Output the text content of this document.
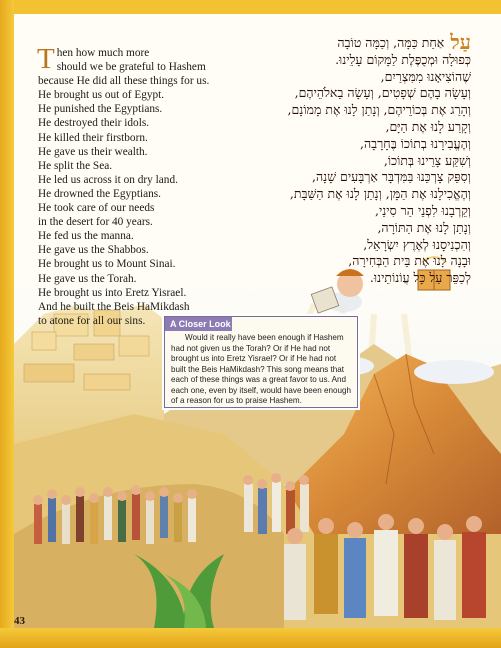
Then how much more
should we be grateful to Hashem
because He did all these things for us.
He brought us out of Egypt.
He punished the Egyptians.
He destroyed their idols.
He killed their firstborn.
He gave us their wealth.
He split the Sea.
He led us across it on dry land.
He drowned the Egyptians.
He took care of our needs
in the desert for 40 years.
He fed us the manna.
He gave us the Shabbos.
He brought us to Mount Sinai.
He gave us the Torah.
He brought us into Eretz Yisrael.
And he built the Beis HaMikdash
to atone for all our sins.
עַלאַחַת כַּמָּה, וְכַמָּה טוֹבָה
כְּפוּלָה וּמְכֻפֶּלֶת לַמָּקוֹם עָלֵינוּ.
שֶׁהוֹצִיאָנוּ מִמִּצְרַיִם,
וְעָשָׂה בָהֶם שְׁפָטִים, וְעָשָׂה בֵאלֹהֵיהֶם,
וְהָרַג אֶת בְּכוֹרֵיהֶם, וְנָתַן לָנוּ אֶת מָמוֹנָם,
וְקָרַע לָנוּ אֶת הַיָּם,
וְהֶעֱבִירָנוּ בְתוֹכוֹ בֶּחָרָבָה,
וְשִׁקַּע צָרֵינוּ בְּתוֹכוֹ,
וְסִפֵּק צָרְכֵּנוּ בַּמִּדְבָּר אַרְבָּעִים שָׁנָה,
וְהֶאֱכִילָנוּ אֶת הַמָּן, וְנָתַן לָנוּ אֶת הַשַּׁבָּת,
וְקֵרְבָנוּ לִפְנֵי הַר סִינַי,
וְנָתַן לָנוּ אֶת הַתּוֹרָה,
וְהִכְנִיסָנוּ לְאֶרֶץ יִשְׂרָאֵל,
וּבָנָה לָנוּ אֶת בֵּית הַבְּחִירָה,
לְכַפֵּר עַל כָּל עֲוֹנוֹתֵינוּ.
A Closer Look
Would it really have been enough if Hashem had not given us the Torah? Or if He had not brought us into Eretz Yisrael? Or if He had not built the Beis HaMikdash? This song means that each of these things was a great favor to us. And each one, even by itself, would have been enough of a reason for us to praise Hashem.
43
